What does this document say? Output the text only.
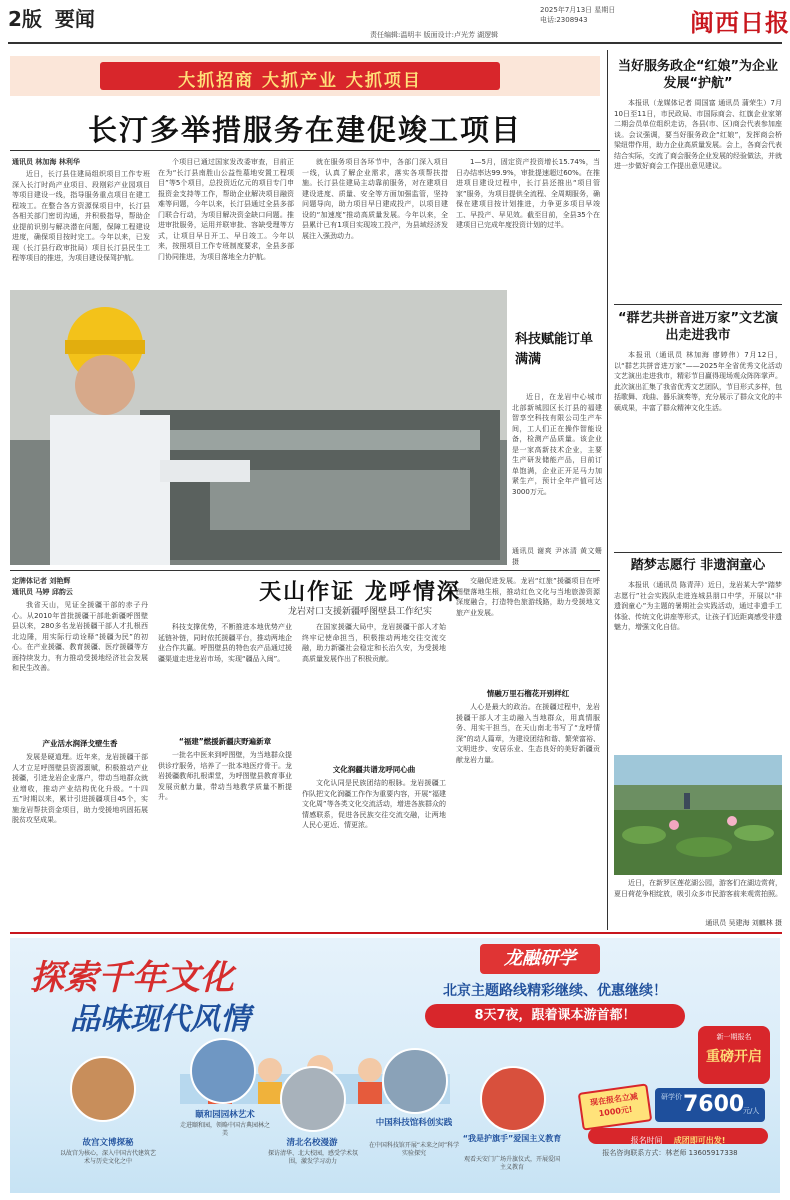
2版 要闻	2025年7月13日 星期日
电话:2308943
责任编辑:温明丰 版面设计:卢光芳 湖逻辑	闽西日报
大抓招商 大抓产业 大抓项目
长汀多举措服务在建促竣工项目
通讯员 林加海 林利华

近日，长汀县住建局组织项目工作专班深入长汀时尚产业项目、段刚彩产业园项目等项目建设一线，指导服务重点项目在建工程竣工。在整合各方资源保项目中，长汀县各相关部门密切沟通，并积极指导，帮助企业提前识别与解决潜在问题，保障工程建设进度，确保项目按时完工。今年以来，已发现（长汀县行政审批局）项目长汀县民生工程等项目的推进，为项目建设保驾护航。

个项目已通过国家发改委审查，目前正在为“长汀县南胜山公益性墓地安置工程项目”等5个项目，总投资近亿元的项目专门申报资金支持等工作，帮助企业解决项目融资难等问题，今年以来，长汀县通过全县多部门联合行动，为项目解决资金缺口问题。推进审批服务，运用并联审批、容缺受理等方式，让项目早日开工、早日竣工。今年以来，按照项目工作专班制度要求，全县多部门协同推进，为项目落地全力护航。

就在服务项目各环节中，各部门深入项目一线，认真了解企业需求，落实各项帮扶措施。长汀县住建局主动靠前服务，对在建项目建设进度、质量、安全等方面加强监管，坚持问题导向，助力项目早日建成投产，以项目建设的“加速度”推动高质量发展。今年以来，全县累计已有1项目实现竣工投产，为县域经济发展注入强劲动力。

1—5月，固定资产投资增长15.74%，当日办结率达99.9%，审批提速超过60%。在推进项目建设过程中，长汀县还推出“项目管家”服务，为项目提供全流程、全周期服务，确保在建项目按计划推进，力争更多项目早竣工、早投产、早见效。截至目前，全县35个在建项目已完成年度投资计划的过半。

科技赋能订单满满

近日，在龙岩中心城市北部新城园区长汀县的福建智享空科技有限公司生产车间，工人们正在操作智能设备，检测产品质量。该企业是一家高新技术企业，主要生产研发储能产品，目前订单饱满，企业正开足马力加紧生产，预计全年产值可达3000万元。

通讯员 谢爽 尹冰清 黄文姗 摄
定牌体记者 刘艳辉
通讯员 马婷 邱韵云	天山作证 龙呼情深
龙岩对口支援新疆呼图壁县工作纪实

我省天山，见证全援疆干部的赤子丹心。从2010年首批援疆干部赴新疆呼图壁县以来，280多名龙岩援疆干部人才扎根西北边陲，用实际行动诠释“援疆为民”的初心。在产业援疆、教育援疆、医疗援疆等方面持续发力，有力推动受援地经济社会发展和民生改善。

产业活水润泽戈壁生香

发展是硬道理。近年来，龙岩援疆干部人才立足呼图壁县资源禀赋，积极推动产业援疆，引进龙岩企业落户，带动当地群众就业增收，推动产业结构优化升级。“十四五”时期以来，累计引进援疆项目45个，实施龙岩帮扶资金项目，助力受援地巩固拓展脱贫攻坚成果。

科技支撑优势，不断推进本地优势产业延链补链，同时依托援疆平台，推动两地企业合作共赢。呼图壁县的特色农产品通过援疆渠道走进龙岩市场，实现“疆品入闽”。

“福建”燃援新疆庆野遍新章

一批名中医来到呼图壁，为当地群众提供诊疗服务，培养了一批本地医疗骨干。龙岩援疆教师扎根课堂，为呼图壁县教育事业发展贡献力量，带动当地教学质量不断提升。

在国家援疆大局中，龙岩援疆干部人才始终牢记使命担当，积极推动两地交往交流交融，助力新疆社会稳定和长治久安，为受援地高质量发展作出了积极贡献。

文化润疆共谱龙呼同心曲

文化认同是民族团结的根脉。龙岩援疆工作队把文化润疆工作作为重要内容，开展“福建文化周”等各类文化交流活动，增进各族群众的情感联系，促进各民族交往交流交融，让两地人民心更近、情更浓。

交融促进发展。龙岩“红旅”援疆项目在呼图壁落地生根，推动红色文化与当地旅游资源深度融合，打造特色旅游线路，助力受援地文旅产业发展。

情融万里石榴花开别样红

人心是最大的政治。在援疆过程中，龙岩援疆干部人才主动融入当地群众，用真情服务、用实干担当，在天山南北书写了“龙呼情深”的动人篇章，为建设团结和谐、繁荣富裕、文明进步、安居乐业、生态良好的美好新疆贡献龙岩力量。

当好服务政企“红娘”为企业发展“护航”

本报讯（龙媒体记者 周国富 通讯员 蒲荣生）7月10日至11日，市民政局、市国际商会、红旗企业家第二期会员单位组织走访，各县(市、区)商会代表参加座谈。会议强调，要当好服务政企“红娘”，发挥商会桥梁纽带作用，助力企业高质量发展。会上，各商会代表结合实际，交流了商会服务企业发展的经验做法，并就进一步做好商会工作提出意见建议。

“群艺共拼音进万家”文艺演出走进我市

本报讯（通讯员 林加海 廖婷伟）7月12日，以“群艺共拼音进万家”——2025年全省优秀文化活动文艺演出走进我市，精彩节目赢得现场观众阵阵掌声。此次演出汇集了我省优秀文艺团队，节目形式多样，包括歌舞、戏曲、器乐演奏等，充分展示了群众文化的丰硕成果，丰富了群众精神文化生活。

踏梦志愿行 非遗润童心

本报讯（通讯员 陈青萍）近日，龙岩某大学“踏梦志愿行”社会实践队走进连城县朋口中学，开展以“非遗润童心”为主题的暑期社会实践活动，通过非遗手工体验、传统文化讲座等形式，让孩子们近距离感受非遗魅力，增强文化自信。

近日，在新罗区莲花湖公园，游客们在湖边赏荷，夏日荷花争相绽放，吸引众多市民游客前来观赏拍照。

通讯员 吴建海 刘麒林 摄
探索千年文化
品味现代风情
龙融研学
北京主题路线精彩继续、优惠继续！
8天7夜，跟着课本游首都！
新一期报名
重磅开启
现在报名立减1000元!
研学价 7600
元/人
报名时间 成团即可出发!
报名咨询联系方式：林老师 13605917338
故宫文博探秘
以故宫为核心，深入中国古代建筑艺术与历史文化之中
颐和园园林艺术
走进颐和园，领略中国古典园林之美
清北名校漫游
探访清华、北大校园，感受学术氛围，激发学习动力
中国科技馆科创实践
在中国科技馆开展“未来之问”科学实验探究
“我是护旗手”爱国主义教育
观看天安门广场升旗仪式，开展爱国主义教育
